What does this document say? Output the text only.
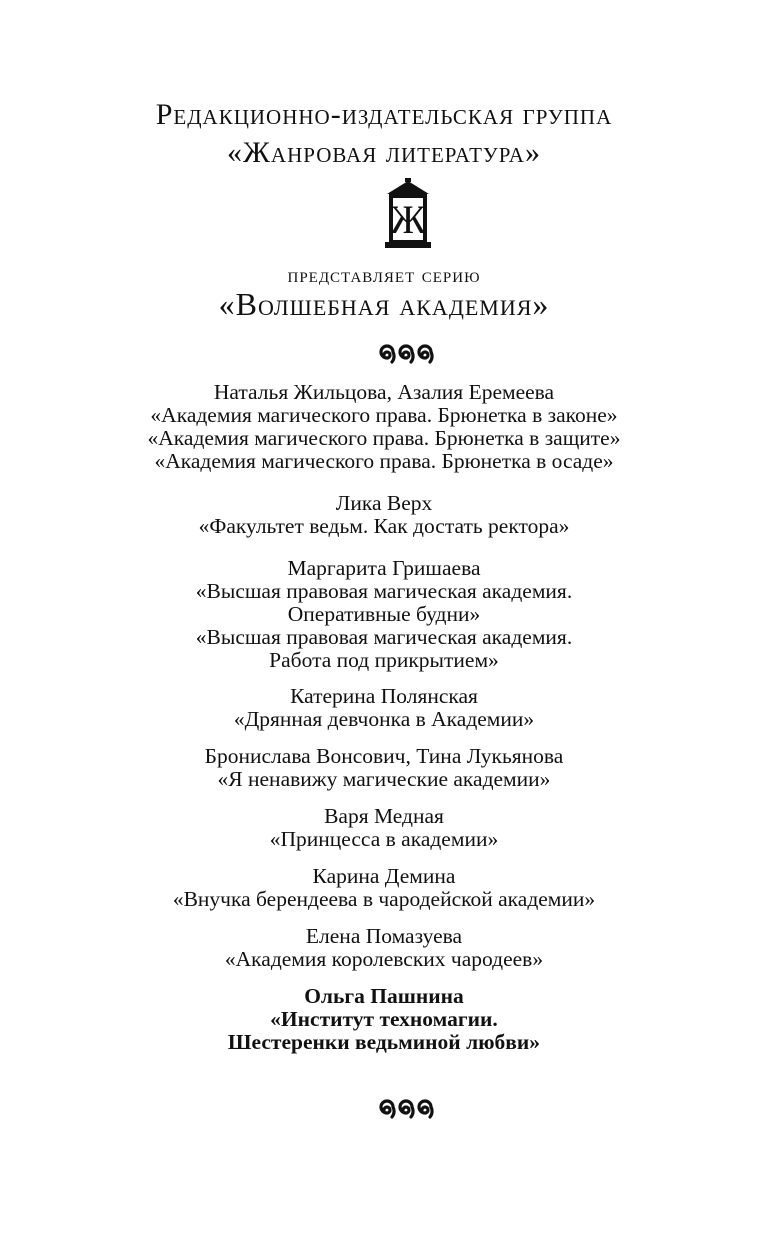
Редакционно-издательская группа
«Жанровая литература»
Ж
представляет серию
«Волшебная академия»
Наталья Жильцова, Азалия Еремеева
«Академия магического права. Брюнетка в законе»
«Академия магического права. Брюнетка в защите»
«Академия магического права. Брюнетка в осаде»
Лика Верх
«Факультет ведьм. Как достать ректора»
Маргарита Гришаева
«Высшая правовая магическая академия.
Оперативные будни»
«Высшая правовая магическая академия.
Работа под прикрытием»
Катерина Полянская
«Дрянная девчонка в Академии»
Бронислава Вонсович, Тина Лукьянова
«Я ненавижу магические академии»
Варя Медная
«Принцесса в академии»
Карина Демина
«Внучка берендеева в чародейской академии»
Елена Помазуева
«Академия королевских чародеев»
Ольга Пашнина
«Институт техномагии.
Шестеренки ведьминой любви»
